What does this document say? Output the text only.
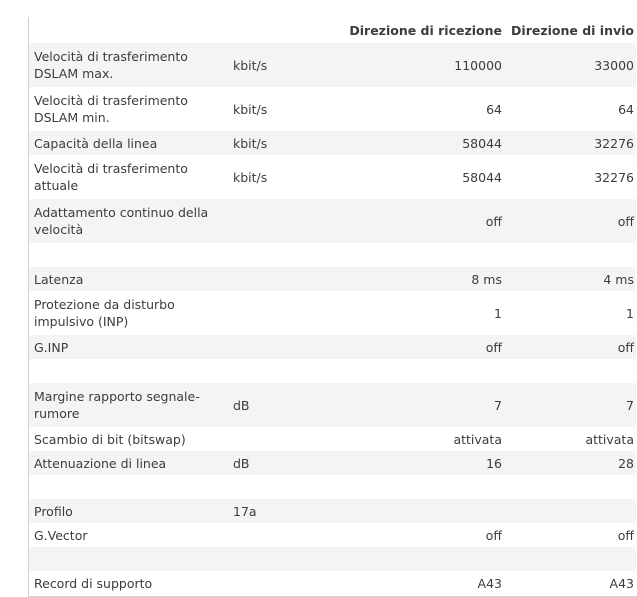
		Direzione di ricezione	Direzione di invio
Velocità di trasferimento DSLAM max.	kbit/s	110000	33000
Velocità di trasferimento DSLAM min.	kbit/s	64	64
Capacità della linea	kbit/s	58044	32276
Velocità di trasferimento attuale	kbit/s	58044	32276
Adattamento continuo della velocità		off	off

Latenza		8 ms	4 ms
Protezione da disturbo impulsivo (INP)		1	1
G.INP		off	off

Margine rapporto segnale-rumore	dB	7	7
Scambio di bit (bitswap)		attivata	attivata
Attenuazione di linea	dB	16	28

Profilo	17a		
G.Vector		off	off

Record di supporto		A43	A43
